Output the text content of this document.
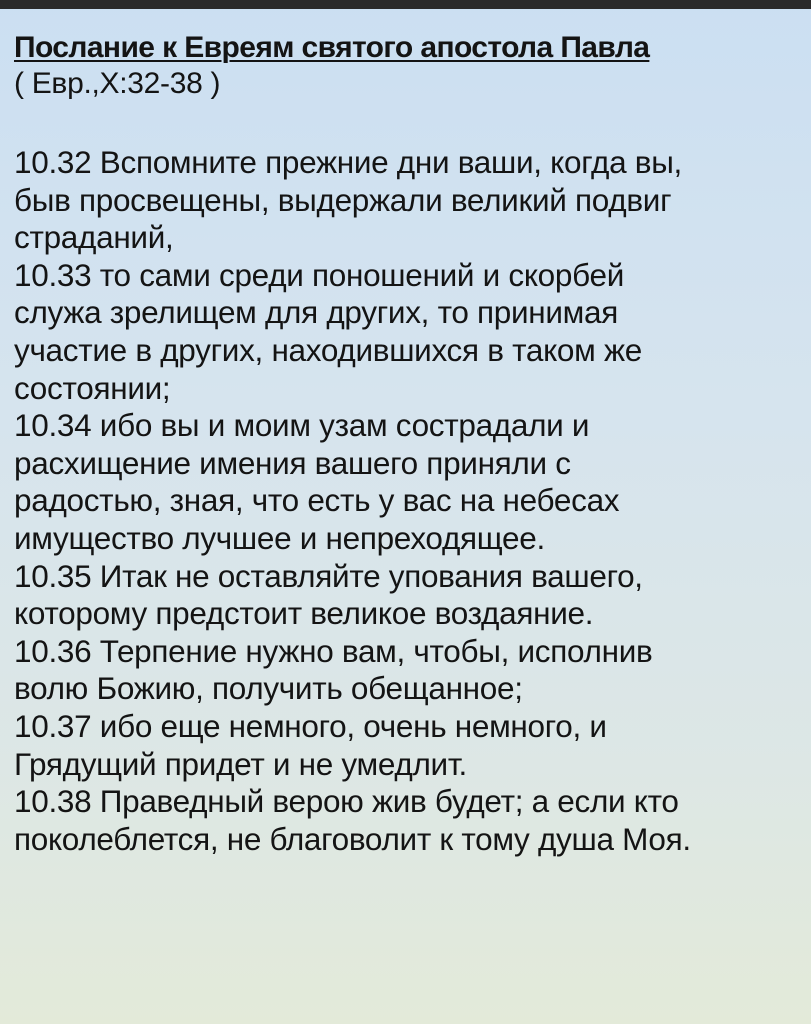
Послание к Евреям святого апостола Павла
( Евр.,X:32-38 )
10.32 Вспомните прежние дни ваши, когда вы,
быв просвещены, выдержали великий подвиг
страданий,
10.33 то сами среди поношений и скорбей
служа зрелищем для других, то принимая
участие в других, находившихся в таком же
состоянии;
10.34 ибо вы и моим узам сострадали и
расхищение имения вашего приняли с
радостью, зная, что есть у вас на небесах
имущество лучшее и непреходящее.
10.35 Итак не оставляйте упования вашего,
которому предстоит великое воздаяние.
10.36 Терпение нужно вам, чтобы, исполнив
волю Божию, получить обещанное;
10.37 ибо еще немного, очень немного, и
Грядущий придет и не умедлит.
10.38 Праведный верою жив будет; а если кто
поколеблется, не благоволит к тому душа Моя.
